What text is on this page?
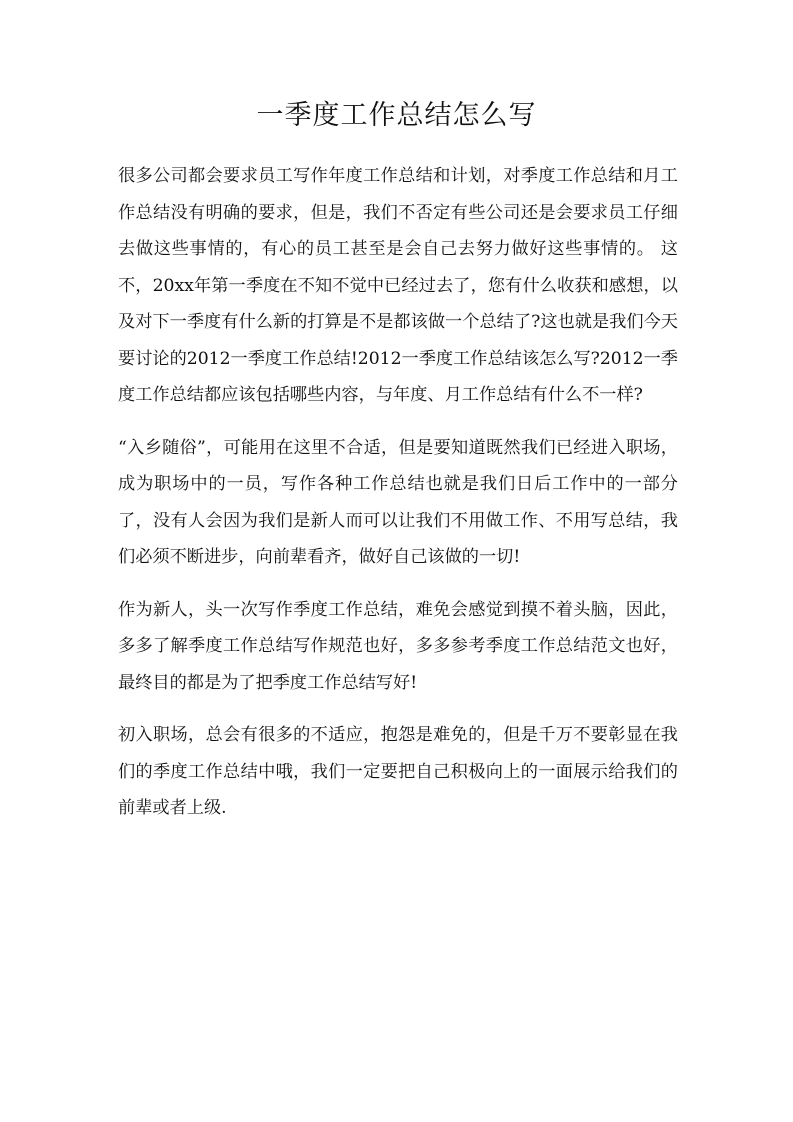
一季度工作总结怎么写

很多公司都会要求员工写作年度工作总结和计划，对季度工作总结和月工作总结没有明确的要求，但是，我们不否定有些公司还是会要求员工仔细去做这些事情的，有心的员工甚至是会自己去努力做好这些事情的。 这不，20xx年第一季度在不知不觉中已经过去了，您有什么收获和感想，以及对下一季度有什么新的打算是不是都该做一个总结了?这也就是我们今天要讨论的2012一季度工作总结!2012一季度工作总结该怎么写?2012一季度工作总结都应该包括哪些内容，与年度、月工作总结有什么不一样?

“入乡随俗”，可能用在这里不合适，但是要知道既然我们已经进入职场，成为职场中的一员，写作各种工作总结也就是我们日后工作中的一部分了，没有人会因为我们是新人而可以让我们不用做工作、不用写总结，我们必须不断进步，向前辈看齐，做好自己该做的一切!

作为新人，头一次写作季度工作总结，难免会感觉到摸不着头脑，因此，多多了解季度工作总结写作规范也好，多多参考季度工作总结范文也好，最终目的都是为了把季度工作总结写好!

初入职场，总会有很多的不适应，抱怨是难免的，但是千万不要彰显在我们的季度工作总结中哦，我们一定要把自己积极向上的一面展示给我们的前辈或者上级.
